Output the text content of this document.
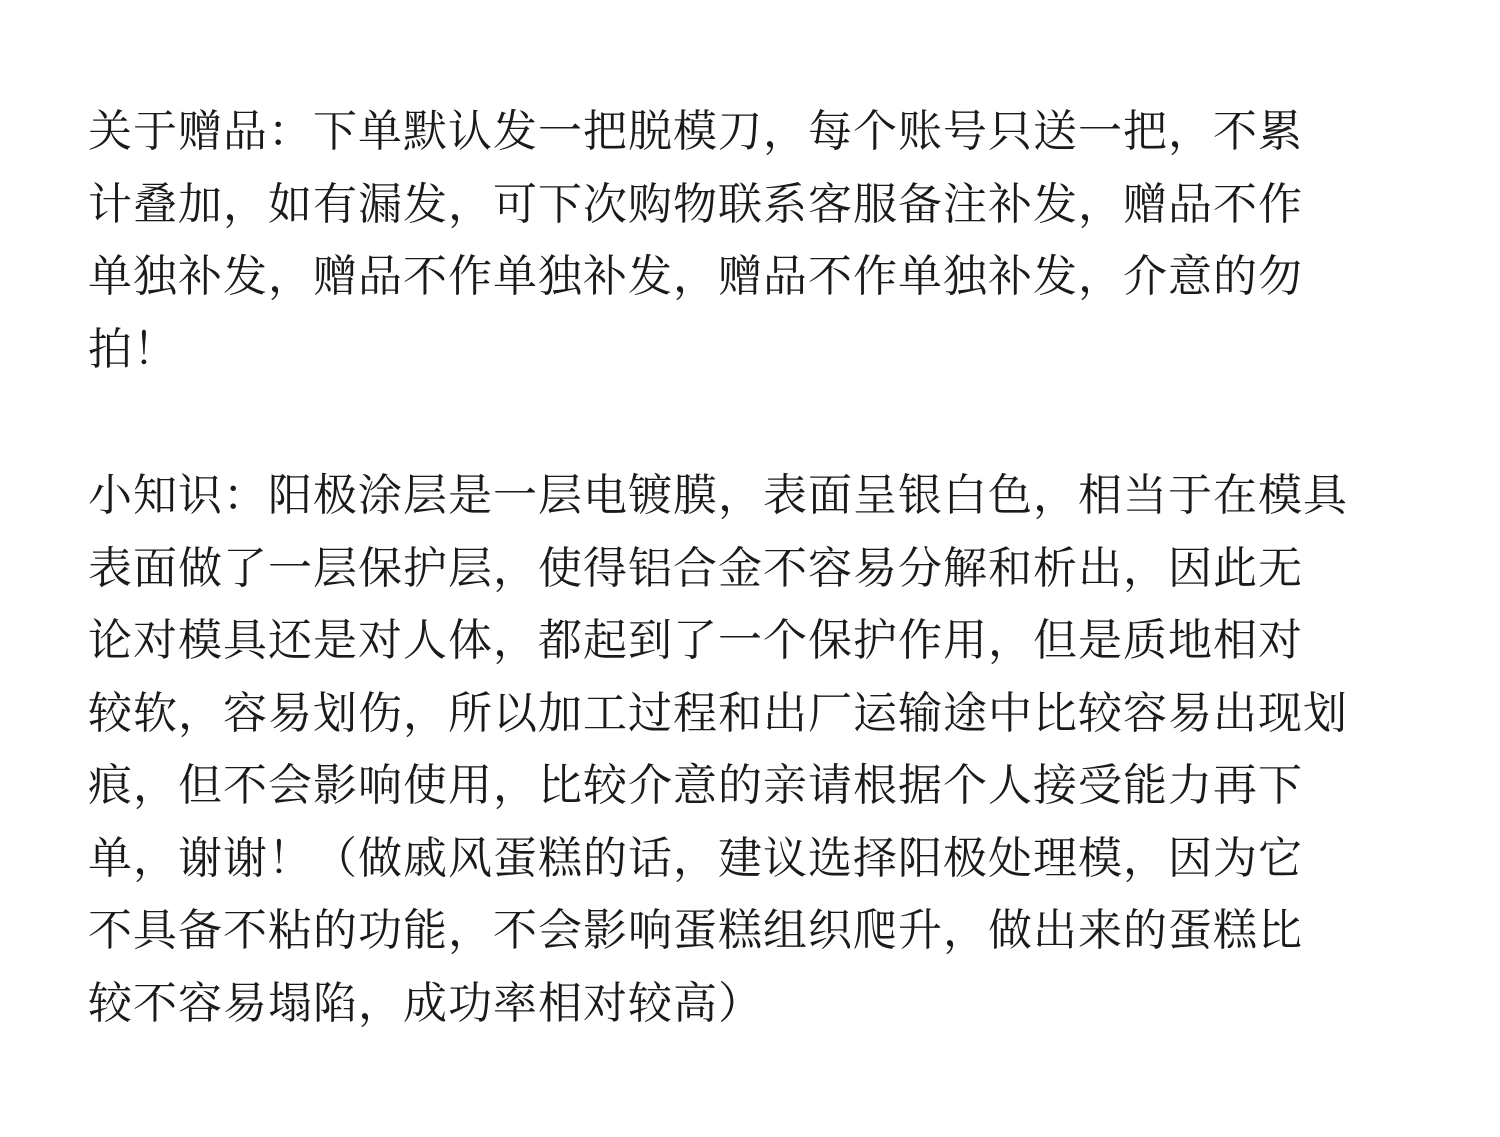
关于赠品：下单默认发一把脱模刀，每个账号只送一把，不累
计叠加，如有漏发，可下次购物联系客服备注补发，赠品不作
单独补发，赠品不作单独补发，赠品不作单独补发，介意的勿
拍！

小知识：阳极涂层是一层电镀膜，表面呈银白色，相当于在模具
表面做了一层保护层，使得铝合金不容易分解和析出，因此无
论对模具还是对人体，都起到了一个保护作用，但是质地相对
较软，容易划伤，所以加工过程和出厂运输途中比较容易出现划
痕，但不会影响使用，比较介意的亲请根据个人接受能力再下
单，谢谢！（做戚风蛋糕的话，建议选择阳极处理模，因为它
不具备不粘的功能，不会影响蛋糕组织爬升，做出来的蛋糕比
较不容易塌陷，成功率相对较高）
